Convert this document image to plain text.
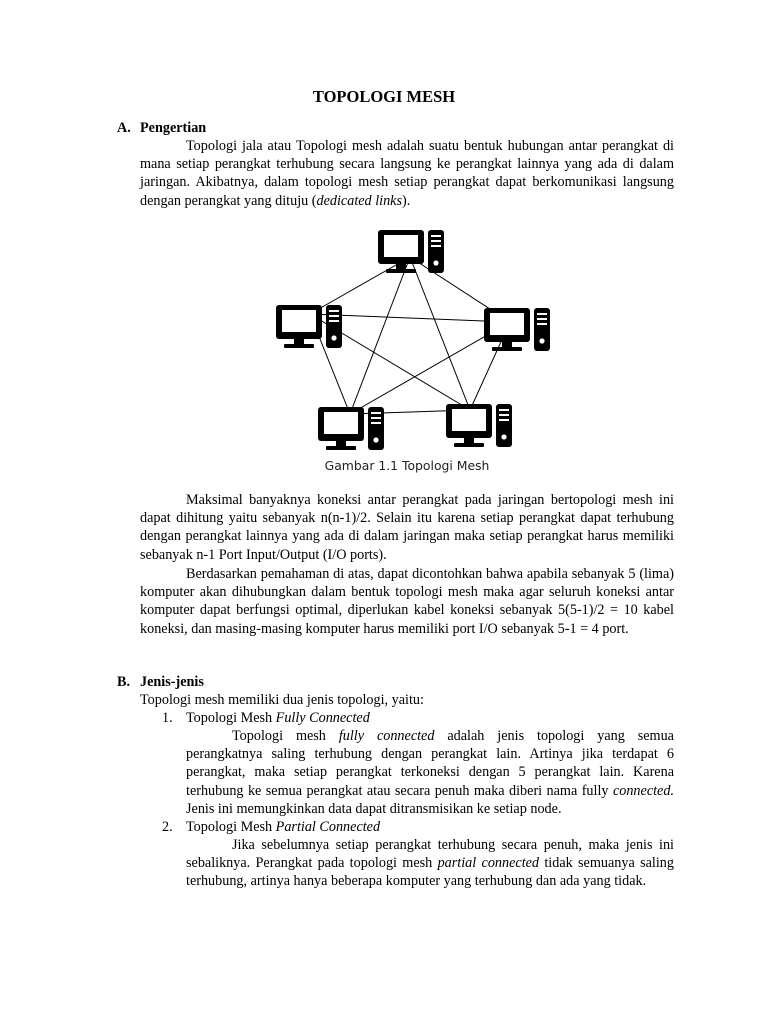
TOPOLOGI MESH
A. Pengertian
Topologi jala atau Topologi mesh adalah suatu bentuk hubungan antar perangkat di mana setiap perangkat terhubung secara langsung ke perangkat lainnya yang ada di dalam jaringan. Akibatnya, dalam topologi mesh setiap perangkat dapat berkomunikasi langsung dengan perangkat yang dituju (dedicated links).
Gambar 1.1 Topologi Mesh
Maksimal banyaknya koneksi antar perangkat pada jaringan bertopologi mesh ini dapat dihitung yaitu sebanyak n(n-1)/2. Selain itu karena setiap perangkat dapat terhubung dengan perangkat lainnya yang ada di dalam jaringan maka setiap perangkat harus memiliki sebanyak n-1 Port Input/Output (I/O ports).
Berdasarkan pemahaman di atas, dapat dicontohkan bahwa apabila sebanyak 5 (lima) komputer akan dihubungkan dalam bentuk topologi mesh maka agar seluruh koneksi antar komputer dapat berfungsi optimal, diperlukan kabel koneksi sebanyak 5(5-1)/2 = 10 kabel koneksi, dan masing-masing komputer harus memiliki port I/O sebanyak 5-1 = 4 port.
B. Jenis-jenis
Topologi mesh memiliki dua jenis topologi, yaitu:
1. Topologi Mesh Fully Connected
Topologi mesh fully connected adalah jenis topologi yang semua perangkatnya saling terhubung dengan perangkat lain. Artinya jika terdapat 6 perangkat, maka setiap perangkat terkoneksi dengan 5 perangkat lain. Karena terhubung ke semua perangkat atau secara penuh maka diberi nama fully connected. Jenis ini memungkinkan data dapat ditransmisikan ke setiap node.
2. Topologi Mesh Partial Connected
Jika sebelumnya setiap perangkat terhubung secara penuh, maka jenis ini sebaliknya. Perangkat pada topologi mesh partial connected tidak semuanya saling terhubung, artinya hanya beberapa komputer yang terhubung dan ada yang tidak.
